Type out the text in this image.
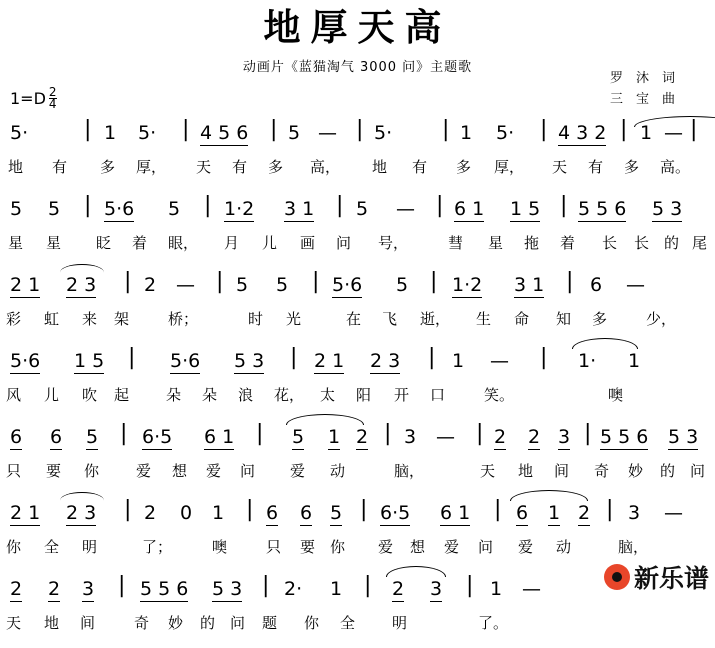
地厚天高
动画片《蓝猫淘气 3000 问》主题歌
罗　沐　词
三　宝　曲
$1=D \frac{2}{4}$
5·	| 1 5· | 4 5 6 | 5 — | 5· | 1 5· | 4 3 2 | 1 — |
地 有 多 厚， 天 有 多 高， 地 有 多 厚， 天 有 多 高。
5 5 | 5·6 5 | 1·2 3 1 | 5 — | 6 1 1 5 | 5 5 6 5 3
星 星 眨 着 眼， 月 儿 画 问 号，	彗 星 拖 着 长 长 的 尾
2 1 2 3 | 2 — | 5 5 | 5·6 5 | 1·2 3 1 | 6 —
彩 虹 来 架	桥；	时 光	在 飞 逝， 生 命 知 多	少，
5·6 1 5 | 5·6 5 3 | 2 1 2 3 | 1 — | 1· 1
风 儿 吹 起 朵 朵 浪 花， 太 阳 开 口	笑。	噢
6 6 5 | 6·5 6 1 | 5 1 2 | 3 — | 2 2 3 | 5 5 6 5 3
只 要 你 爱 想 爱 问 爱 动	脑，	天 地 间 奇 妙 的 问
2 1 2 3 | 2 0 1 | 6 6 5 | 6·5 6 1 | 6 1 2 | 3 —
你 全 明	了；	噢	只 要 你 爱 想 爱 问 爱 动	脑，
2 2 3 | 5 5 6 5 3 | 2· 1 | 2 3 | 1 —
天 地 间	奇 妙 的 问 题 你 全 明	了。
新乐谱
